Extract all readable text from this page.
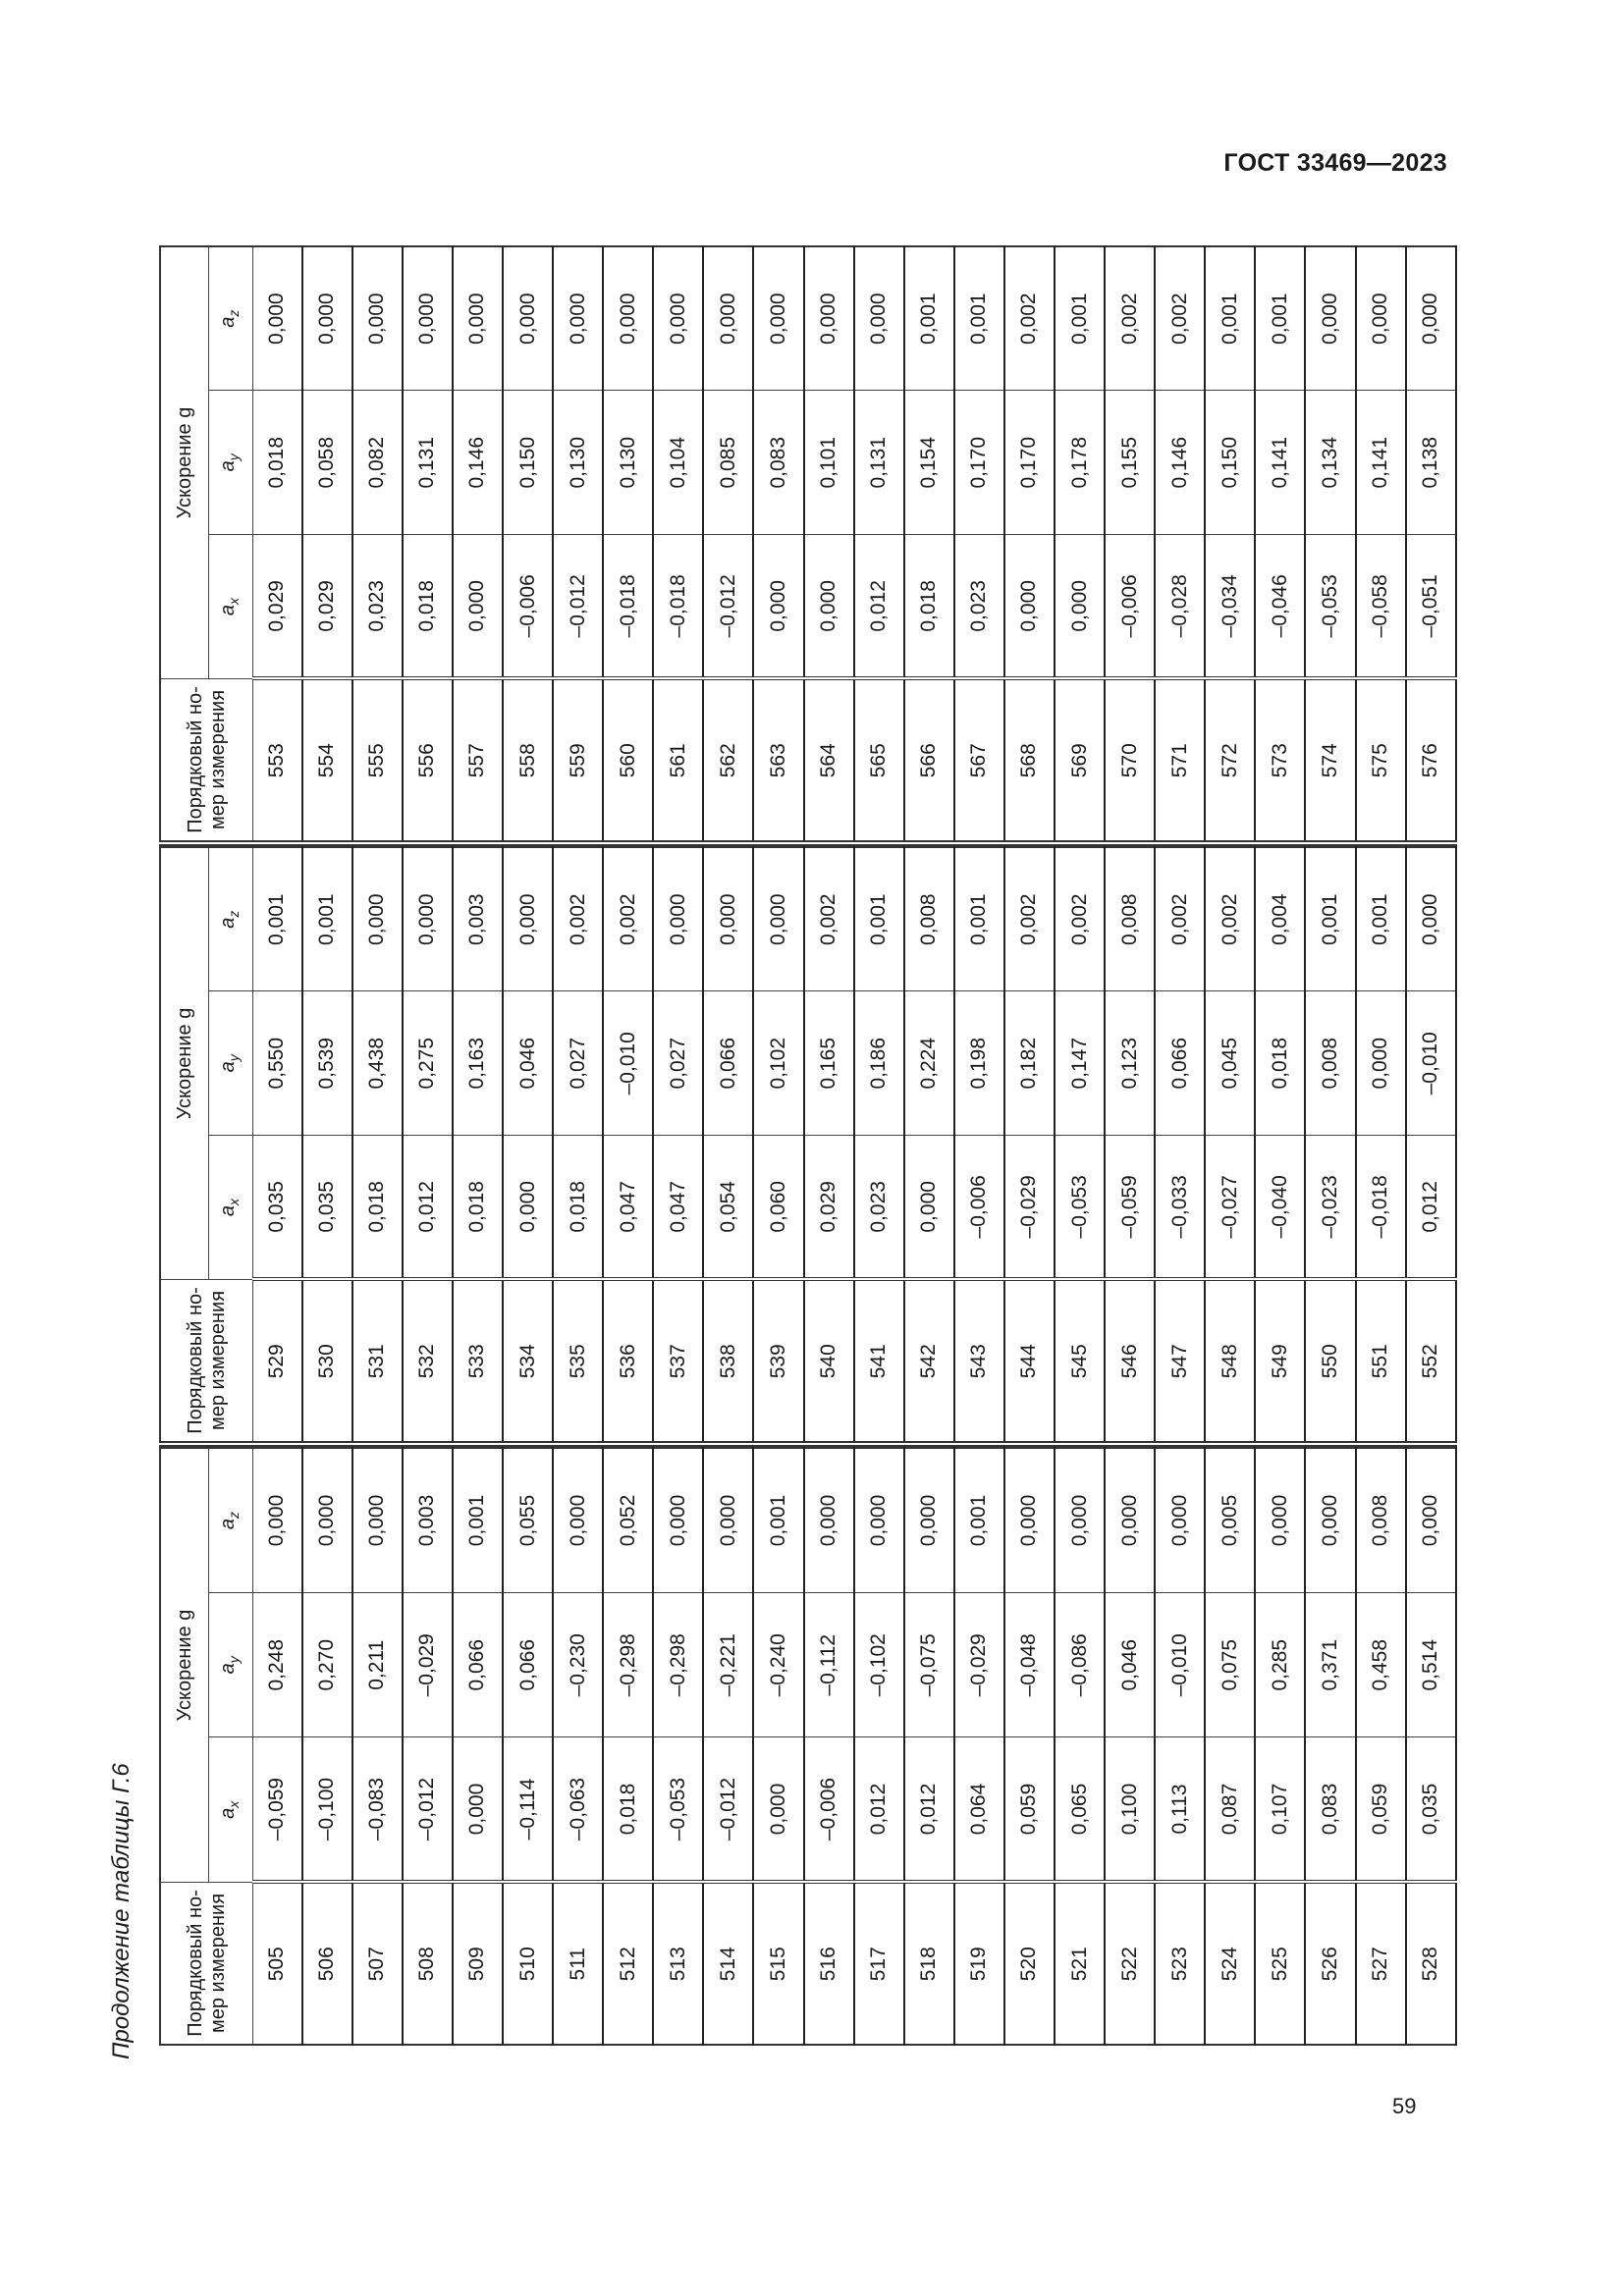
ГОСТ 33469—2023
Продолжение таблицы Г.6	Порядковый но-
мер измерения	Ускорение g		
	$a_x$	$a_y$	$a_z$
505	–0,059	0,248	0,000
506	–0,100	0,270	0,000
507	–0,083	0,211	0,000
508	–0,012	–0,029	0,003
509	0,000	0,066	0,001
510	–0,114	0,066	0,055
511	–0,063	–0,230	0,000
512	0,018	–0,298	0,052
513	–0,053	–0,298	0,000
514	–0,012	–0,221	0,000
515	0,000	–0,240	0,001
516	–0,006	–0,112	0,000
517	0,012	–0,102	0,000
518	0,012	–0,075	0,000
519	0,064	–0,029	0,001
520	0,059	–0,048	0,000
521	0,065	–0,086	0,000
522	0,100	0,046	0,000
523	0,113	–0,010	0,000
524	0,087	0,075	0,005
525	0,107	0,285	0,000
526	0,083	0,371	0,000
527	0,059	0,458	0,008
528	0,035	0,514	0,000
Порядковый но-
мер измерения	Ускорение g		
	$a_x$	$a_y$	$a_z$
529	0,035	0,550	0,001
530	0,035	0,539	0,001
531	0,018	0,438	0,000
532	0,012	0,275	0,000
533	0,018	0,163	0,003
534	0,000	0,046	0,000
535	0,018	0,027	0,002
536	0,047	–0,010	0,002
537	0,047	0,027	0,000
538	0,054	0,066	0,000
539	0,060	0,102	0,000
540	0,029	0,165	0,002
541	0,023	0,186	0,001
542	0,000	0,224	0,008
543	–0,006	0,198	0,001
544	–0,029	0,182	0,002
545	–0,053	0,147	0,002
546	–0,059	0,123	0,008
547	–0,033	0,066	0,002
548	–0,027	0,045	0,002
549	–0,040	0,018	0,004
550	–0,023	0,008	0,001
551	–0,018	0,000	0,001
552	0,012	–0,010	0,000
Порядковый но-
мер измерения	Ускорение g		
	$a_x$	$a_y$	$a_z$
553	0,029	0,018	0,000
554	0,029	0,058	0,000
555	0,023	0,082	0,000
556	0,018	0,131	0,000
557	0,000	0,146	0,000
558	–0,006	0,150	0,000
559	–0,012	0,130	0,000
560	–0,018	0,130	0,000
561	–0,018	0,104	0,000
562	–0,012	0,085	0,000
563	0,000	0,083	0,000
564	0,000	0,101	0,000
565	0,012	0,131	0,000
566	0,018	0,154	0,001
567	0,023	0,170	0,001
568	0,000	0,170	0,002
569	0,000	0,178	0,001
570	–0,006	0,155	0,002
571	–0,028	0,146	0,002
572	–0,034	0,150	0,001
573	–0,046	0,141	0,001
574	–0,053	0,134	0,000
575	–0,058	0,141	0,000
576	–0,051	0,138	0,000
59
